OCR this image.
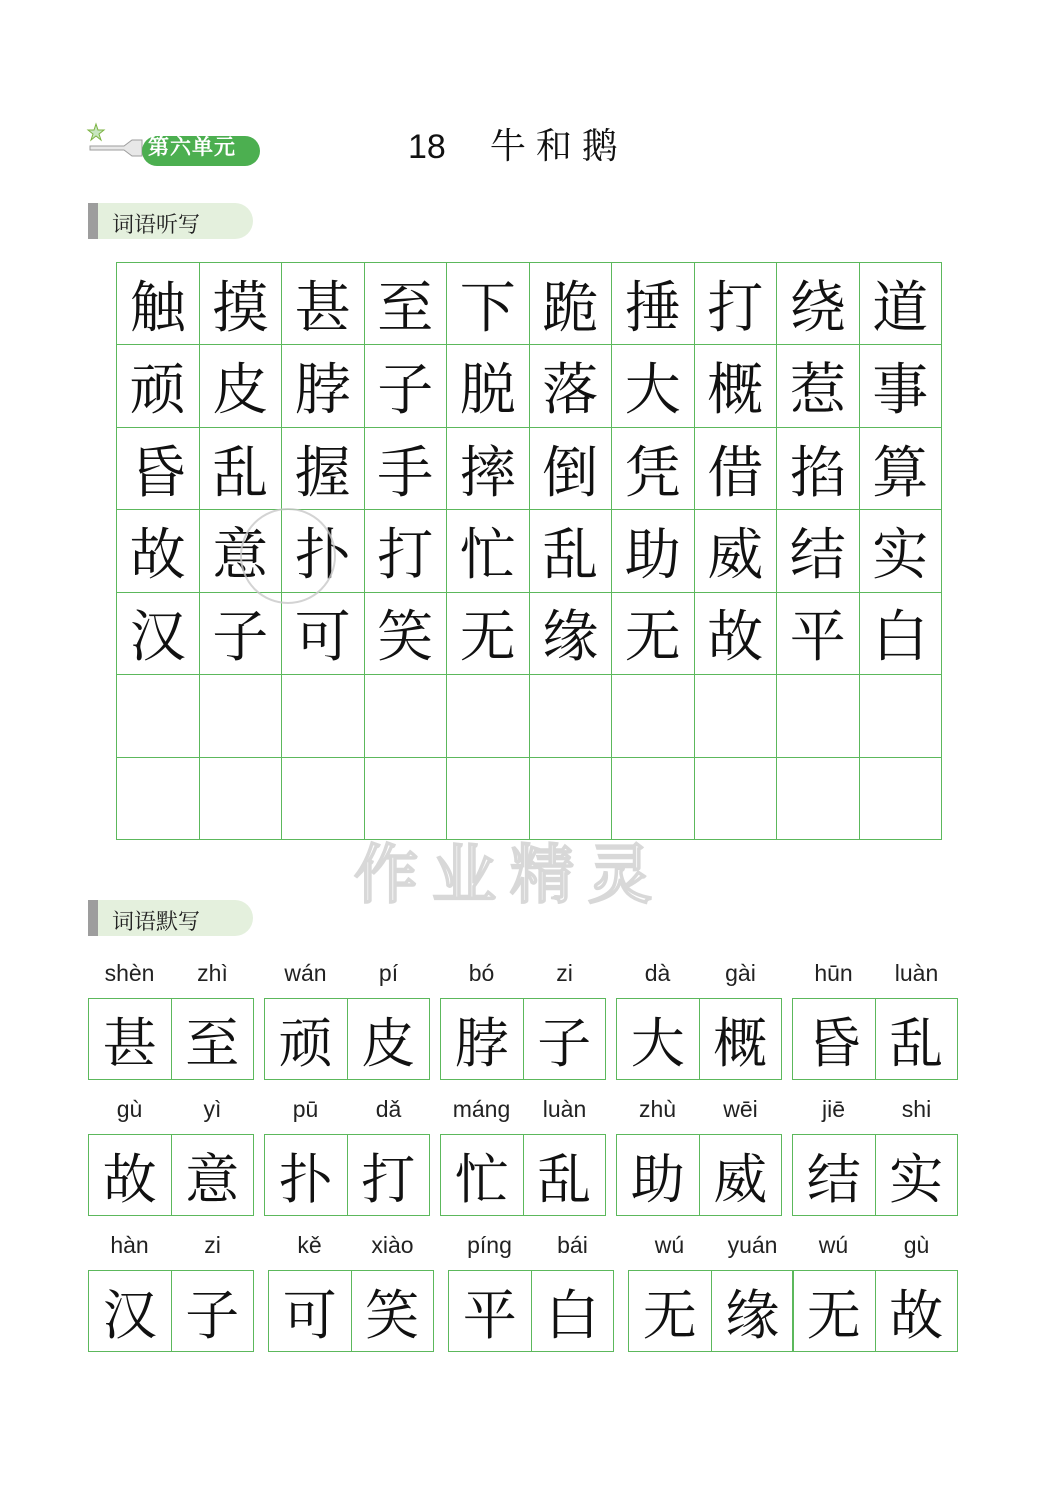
第六单元	18 牛和鹅
词语听写
触 摸 甚 至 下 跪 捶 打 绕 道
顽 皮 脖 子 脱 落 大 概 惹 事
昏 乱 握 手 摔 倒 凭 借 掐 算
故 意 扑 打 忙 乱 助 威 结 实
汉 子 可 笑 无 缘 无 故 平 白
作业精灵
词语默写
shèn	zhì
甚 至
wán	pí
顽 皮
bó	zi
脖 子
dà	gài
大 概
hūn	luàn
昏 乱
gù	yì
故 意
pū	dǎ
扑 打
máng	luàn
忙 乱
zhù	wēi
助 威
jiē	shi
结 实
hàn	zi
汉 子
kě	xiào
可 笑
píng	bái
平 白
wú	yuán
无 缘
wú	gù
无 故
